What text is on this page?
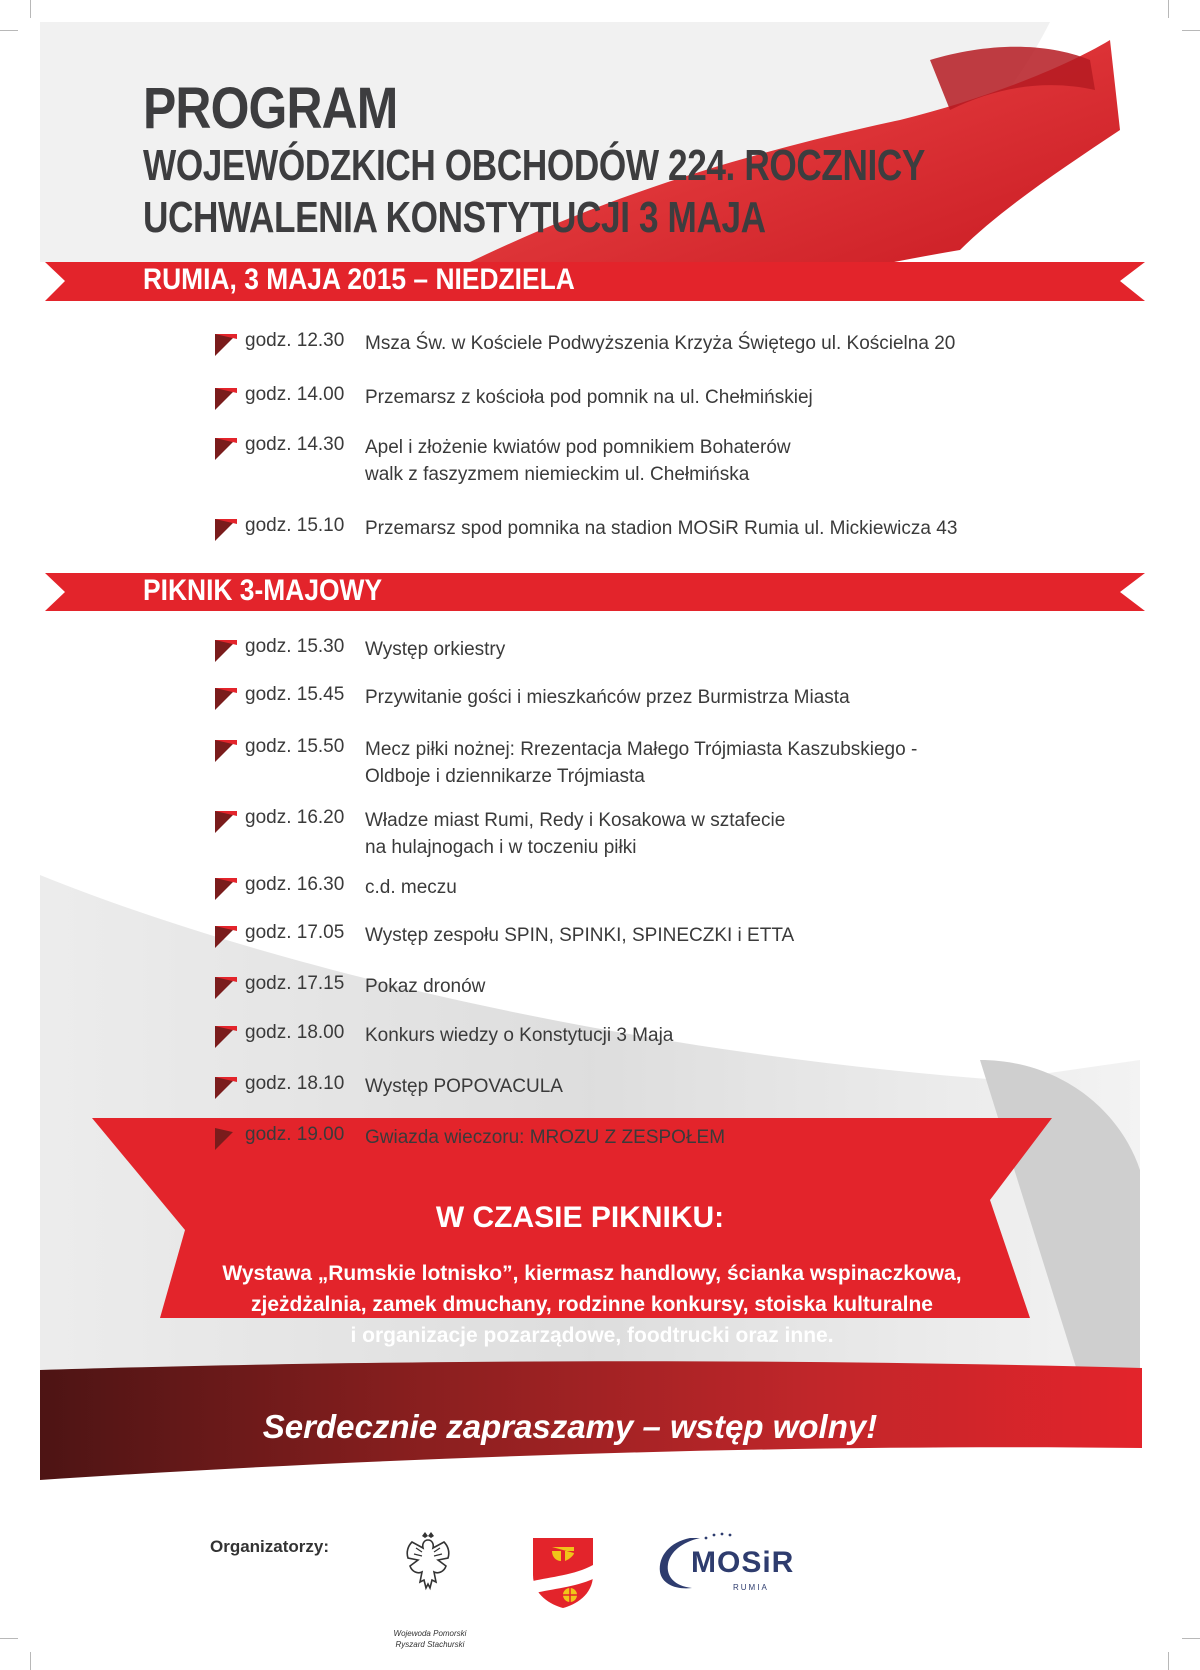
PROGRAM
WOJEWÓDZKICH OBCHODÓW 224. ROCZNICY
UCHWALENIA KONSTYTUCJI 3 MAJA
RUMIA, 3 MAJA 2015 – NIEDZIELA
godz. 12.30 Msza Św. w Kościele Podwyższenia Krzyża Świętego ul. Kościelna 20
godz. 14.00 Przemarsz z kościoła pod pomnik na ul. Chełmińskiej
godz. 14.30 Apel i złożenie kwiatów pod pomnikiem Bohaterów
walk z faszyzmem niemieckim ul. Chełmińska
godz. 15.10 Przemarsz spod pomnika na stadion MOSiR Rumia ul. Mickiewicza 43
PIKNIK 3-MAJOWY
godz. 15.30 Występ orkiestry
godz. 15.45 Przywitanie gości i mieszkańców przez Burmistrza Miasta
godz. 15.50 Mecz piłki nożnej: Rrezentacja Małego Trójmiasta Kaszubskiego -
Oldboje i dziennikarze Trójmiasta
godz. 16.20 Władze miast Rumi, Redy i Kosakowa w sztafecie
na hulajnogach i w toczeniu piłki
godz. 16.30 c.d. meczu
godz. 17.05 Występ zespołu SPIN, SPINKI, SPINECZKI i ETTA
godz. 17.15 Pokaz dronów
godz. 18.00 Konkurs wiedzy o Konstytucji 3 Maja
godz. 18.10 Występ POPOVACULA
godz. 19.00 Gwiazda wieczoru: MROZU Z ZESPOŁEM
W CZASIE PIKNIKU:
Wystawa „Rumskie lotnisko”, kiermasz handlowy, ścianka wspinaczkowa,
zjeżdżalnia, zamek dmuchany, rodzinne konkursy, stoiska kulturalne
i organizacje pozarządowe, foodtrucki oraz inne.
Serdecznie zapraszamy – wstęp wolny!
Organizatorzy:
Wojewoda Pomorski
Ryszard Stachurski
MOSiR
RUMIA
